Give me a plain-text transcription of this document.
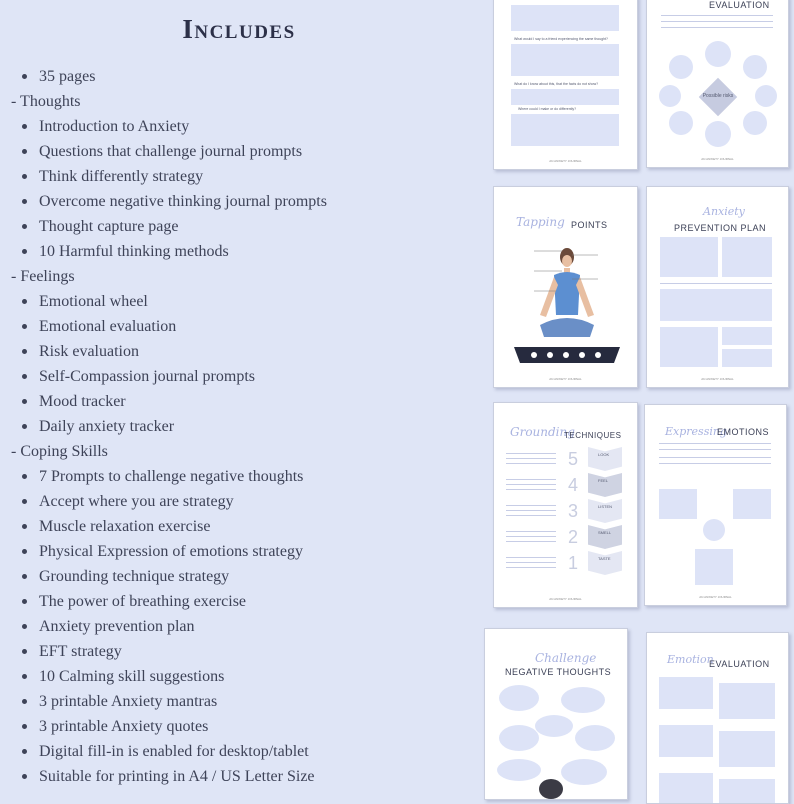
Includes
35 pages
- Thoughts
Introduction to Anxiety
Questions that challenge journal prompts
Think differently strategy
Overcome negative thinking journal prompts
Thought capture page
10 Harmful thinking methods
- Feelings
Emotional wheel
Emotional evaluation
Risk evaluation
Self-Compassion journal prompts
Mood tracker
Daily anxiety tracker
- Coping Skills
7 Prompts to challenge negative thoughts
Accept where you are strategy
Muscle relaxation exercise
Physical Expression of emotions strategy
Grounding technique strategy
The power of breathing exercise
Anxiety prevention plan
EFT strategy
10 Calming skill suggestions
3 printable Anxiety mantras
3 printable Anxiety quotes
Digital fill-in is enabled for desktop/tablet
Suitable for printing in A4 / US Letter Size
What would I say to a friend experiencing the same thought?
What do I know about this, that the facts do not show?
Where could I make or do differently?
AN ANXIETY JOURNAL
EVALUATION
Possible risks
AN ANXIETY JOURNAL
Tapping POINTS
AN ANXIETY JOURNAL
Anxiety
PREVENTION PLAN
AN ANXIETY JOURNAL
Grounding
TECHNIQUES
5	LOOK
4	FEEL
3	LISTEN
2	SMELL
1	TASTE
AN ANXIETY JOURNAL
Expressing
EMOTIONS
AN ANXIETY JOURNAL
Challenge
NEGATIVE THOUGHTS
Emotion
EVALUATION
